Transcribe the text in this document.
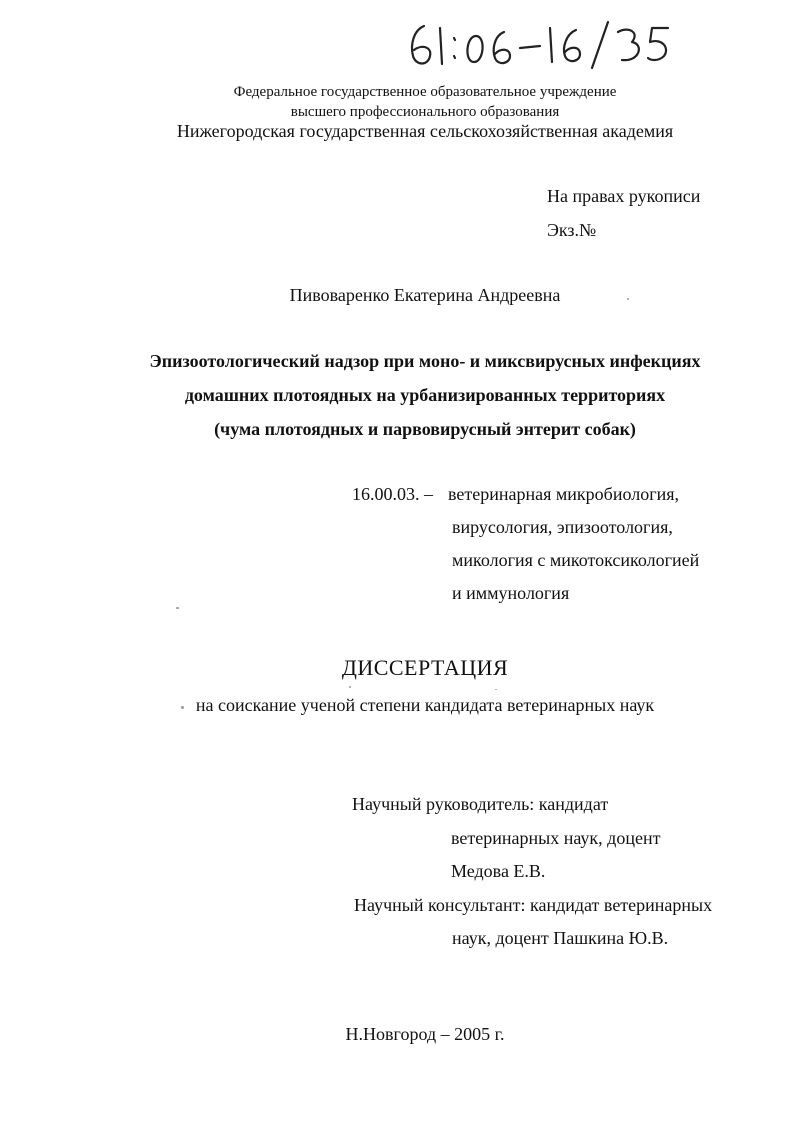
Федеральное государственное образовательное учреждение
высшего профессионального образования
Нижегородская государственная сельскохозяйственная академия
На правах рукописи
Экз.№
Пивоваренко Екатерина Андреевна
Эпизоотологический надзор при моно- и миксвирусных инфекциях
домашних плотоядных на урбанизированных территориях
(чума плотоядных и парвовирусный энтерит собак)
16.00.03. – ветеринарная микробиология,
вирусология, эпизоотология,
микология с микотоксикологией
и иммунология
ДИССЕРТАЦИЯ
на соискание ученой степени кандидата ветеринарных наук
Научный руководитель: кандидат
ветеринарных наук, доцент
Медова Е.В.
Научный консультант: кандидат ветеринарных
наук, доцент Пашкина Ю.В.
Н.Новгород – 2005 г.
